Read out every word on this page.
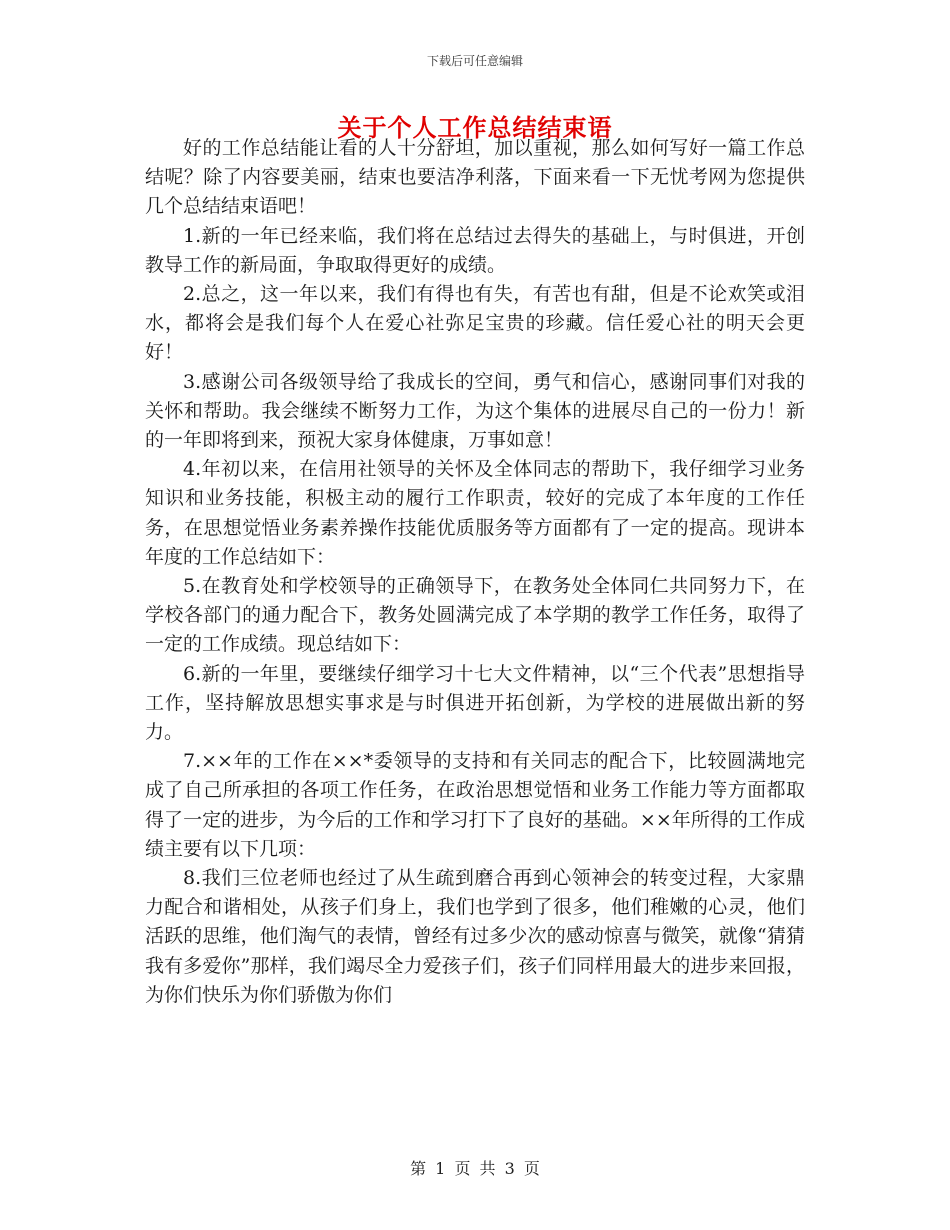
下载后可任意编辑
关于个人工作总结结束语

好的工作总结能让看的人十分舒坦，加以重视，那么如何写好一篇工作总结呢？除了内容要美丽，结束也要洁净利落，下面来看一下无忧考网为您提供几个总结结束语吧！

1.新的一年已经来临，我们将在总结过去得失的基础上，与时俱进，开创教导工作的新局面，争取取得更好的成绩。

2.总之，这一年以来，我们有得也有失，有苦也有甜，但是不论欢笑或泪水，都将会是我们每个人在爱心社弥足宝贵的珍藏。信任爱心社的明天会更好！

3.感谢公司各级领导给了我成长的空间，勇气和信心，感谢同事们对我的关怀和帮助。我会继续不断努力工作，为这个集体的进展尽自己的一份力！新的一年即将到来，预祝大家身体健康，万事如意！

4.年初以来，在信用社领导的关怀及全体同志的帮助下，我仔细学习业务知识和业务技能，积极主动的履行工作职责，较好的完成了本年度的工作任务，在思想觉悟业务素养操作技能优质服务等方面都有了一定的提高。现讲本年度的工作总结如下：

5.在教育处和学校领导的正确领导下，在教务处全体同仁共同努力下，在学校各部门的通力配合下，教务处圆满完成了本学期的教学工作任务，取得了一定的工作成绩。现总结如下：

6.新的一年里，要继续仔细学习十七大文件精神，以“三个代表”思想指导工作，坚持解放思想实事求是与时俱进开拓创新，为学校的进展做出新的努力。

7.××年的工作在××*委领导的支持和有关同志的配合下，比较圆满地完成了自己所承担的各项工作任务，在政治思想觉悟和业务工作能力等方面都取得了一定的进步，为今后的工作和学习打下了良好的基础。××年所得的工作成绩主要有以下几项：

8.我们三位老师也经过了从生疏到磨合再到心领神会的转变过程，大家鼎力配合和谐相处，从孩子们身上，我们也学到了很多，他们稚嫩的心灵，他们活跃的思维，他们淘气的表情，曾经有过多少次的感动惊喜与微笑，就像“猜猜我有多爱你”那样，我们竭尽全力爱孩子们，孩子们同样用最大的进步来回报，为你们快乐为你们骄傲为你们

第 1 页 共 3 页
